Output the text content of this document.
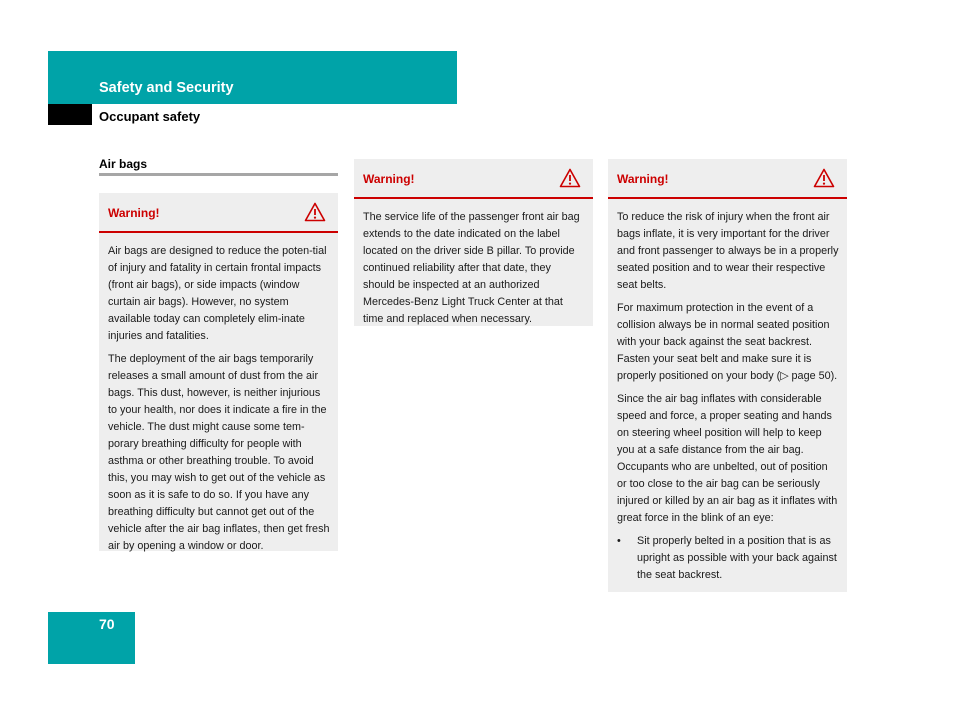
Safety and Security
Occupant safety
Air bags
Warning!

Air bags are designed to reduce the poten-tial of injury and fatality in certain frontal impacts (front air bags), or side impacts (window curtain air bags). However, no system available today can completely elim-inate injuries and fatalities.

The deployment of the air bags temporarily releases a small amount of dust from the air bags. This dust, however, is neither injurious to your health, nor does it indicate a fire in the vehicle. The dust might cause some tem-porary breathing difficulty for people with asthma or other breathing trouble. To avoid this, you may wish to get out of the vehicle as soon as it is safe to do so. If you have any breathing difficulty but cannot get out of the vehicle after the air bag inflates, then get fresh air by opening a window or door.

Warning!

The service life of the passenger front air bag extends to the date indicated on the label located on the driver side B pillar. To provide continued reliability after that date, they should be inspected at an authorized Mercedes-Benz Light Truck Center at that time and replaced when necessary.

Warning!

To reduce the risk of injury when the front air bags inflate, it is very important for the driver and front passenger to always be in a properly seated position and to wear their respective seat belts.

For maximum protection in the event of a collision always be in normal seated position with your back against the seat backrest. Fasten your seat belt and make sure it is properly positioned on your body (▷ page 50).

Since the air bag inflates with considerable speed and force, a proper seating and hands on steering wheel position will help to keep you at a safe distance from the air bag. Occupants who are unbelted, out of position or too close to the air bag can be seriously injured or killed by an air bag as it inflates with great force in the blink of an eye:

•	Sit properly belted in a position that is as upright as possible with your back against the seat backrest.
70
